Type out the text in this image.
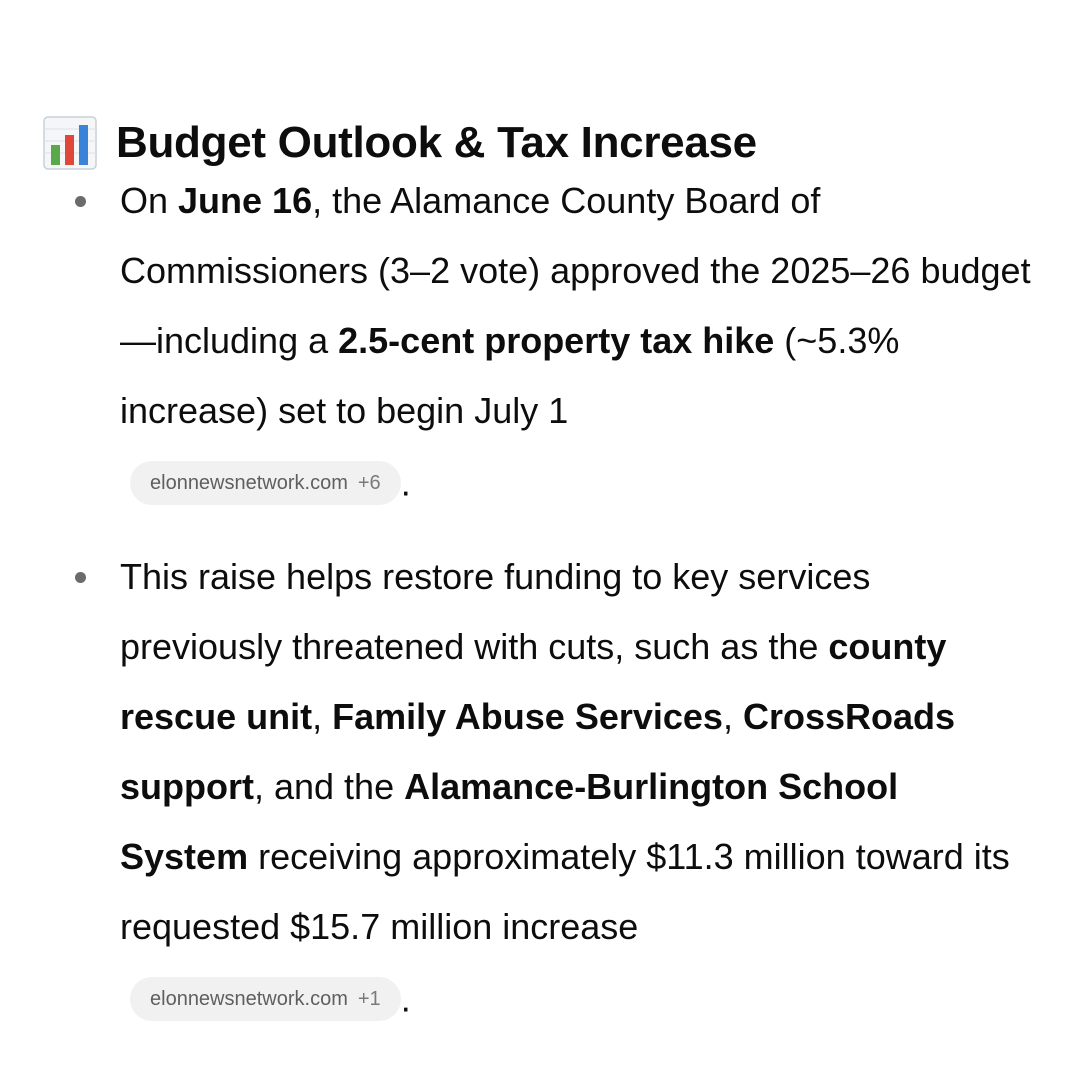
Budget Outlook & Tax Increase
On June 16, the Alamance County Board of Commissioners (3–2 vote) approved the 2025–26 budget—including a 2.5-cent property tax hike (~5.3% increase) set to begin July 1
elonnewsnetwork.com +6 .
This raise helps restore funding to key services previously threatened with cuts, such as the county rescue unit, Family Abuse Services, CrossRoads support, and the Alamance-Burlington School System receiving approximately $11.3 million toward its requested $15.7 million increase
elonnewsnetwork.com +1 .
